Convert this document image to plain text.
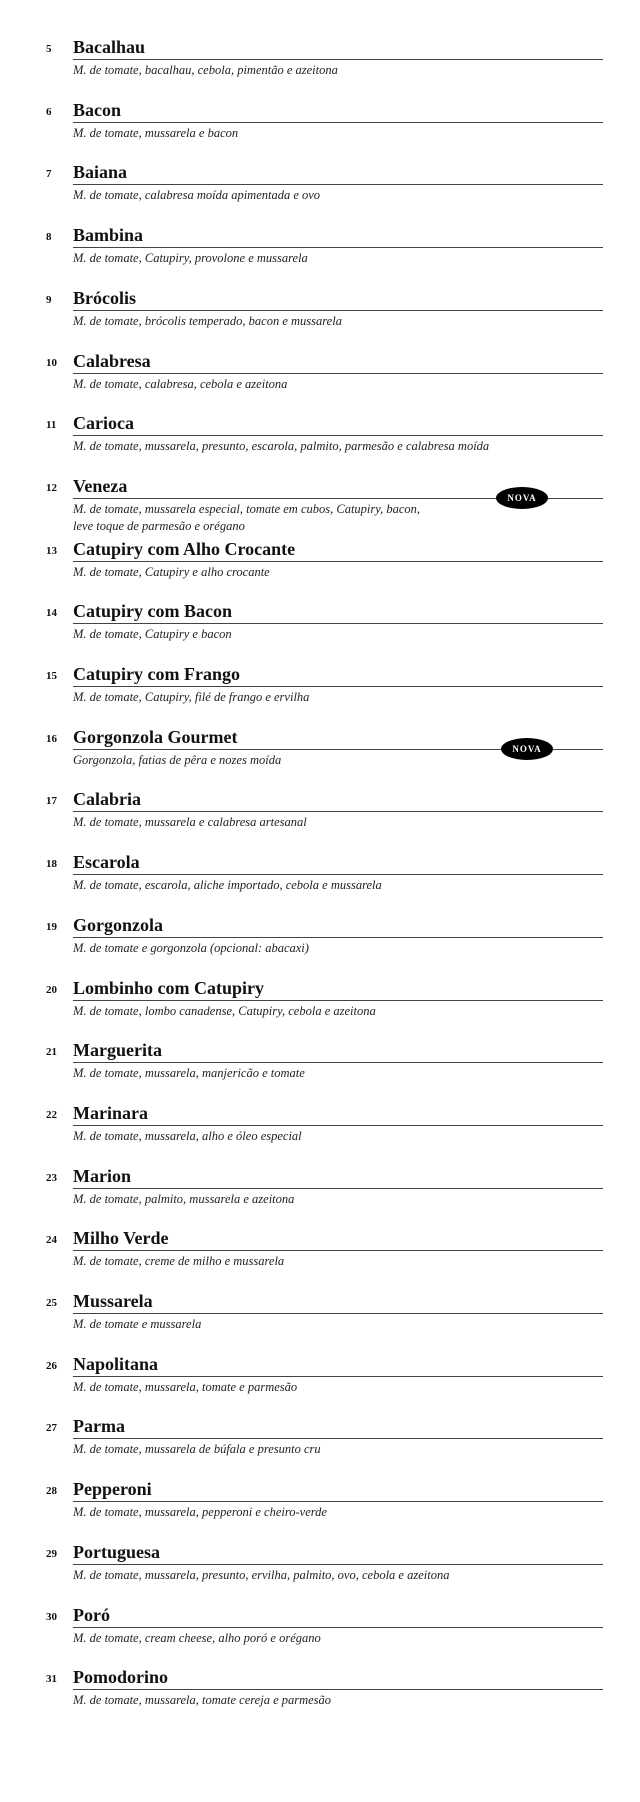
5 Bacalhau
M. de tomate, bacalhau, cebola, pimentão e azeitona
6 Bacon
M. de tomate, mussarela e bacon
7 Baiana
M. de tomate, calabresa moída apimentada e ovo
8 Bambina
M. de tomate, Catupiry, provolone e mussarela
9 Brócolis
M. de tomate, brócolis temperado, bacon e mussarela
10 Calabresa
M. de tomate, calabresa, cebola e azeitona
11 Carioca
M. de tomate, mussarela, presunto, escarola, palmito, parmesão e calabresa moída
12 Veneza
M. de tomate, mussarela especial, tomate em cubos, Catupiry, bacon, leve toque de parmesão e orégano
NOVA
13 Catupiry com Alho Crocante
M. de tomate, Catupiry e alho crocante
14 Catupiry com Bacon
M. de tomate, Catupiry e bacon
15 Catupiry com Frango
M. de tomate, Catupiry, filé de frango e ervilha
16 Gorgonzola Gourmet
Gorgonzola, fatias de pêra e nozes moída
NOVA
17 Calabria
M. de tomate, mussarela e calabresa artesanal
18 Escarola
M. de tomate, escarola, aliche importado, cebola e mussarela
19 Gorgonzola
M. de tomate e gorgonzola (opcional: abacaxi)
20 Lombinho com Catupiry
M. de tomate, lombo canadense, Catupiry, cebola e azeitona
21 Marguerita
M. de tomate, mussarela, manjericão e tomate
22 Marinara
M. de tomate, mussarela, alho e óleo especial
23 Marion
M. de tomate, palmito, mussarela e azeitona
24 Milho Verde
M. de tomate, creme de milho e mussarela
25 Mussarela
M. de tomate e mussarela
26 Napolitana
M. de tomate, mussarela, tomate e parmesão
27 Parma
M. de tomate, mussarela de búfala e presunto cru
28 Pepperoni
M. de tomate, mussarela, pepperoni e cheiro-verde
29 Portuguesa
M. de tomate, mussarela, presunto, ervilha, palmito, ovo, cebola e azeitona
30 Poró
M. de tomate, cream cheese, alho poró e orégano
31 Pomodorino
M. de tomate, mussarela, tomate cereja e parmesão
